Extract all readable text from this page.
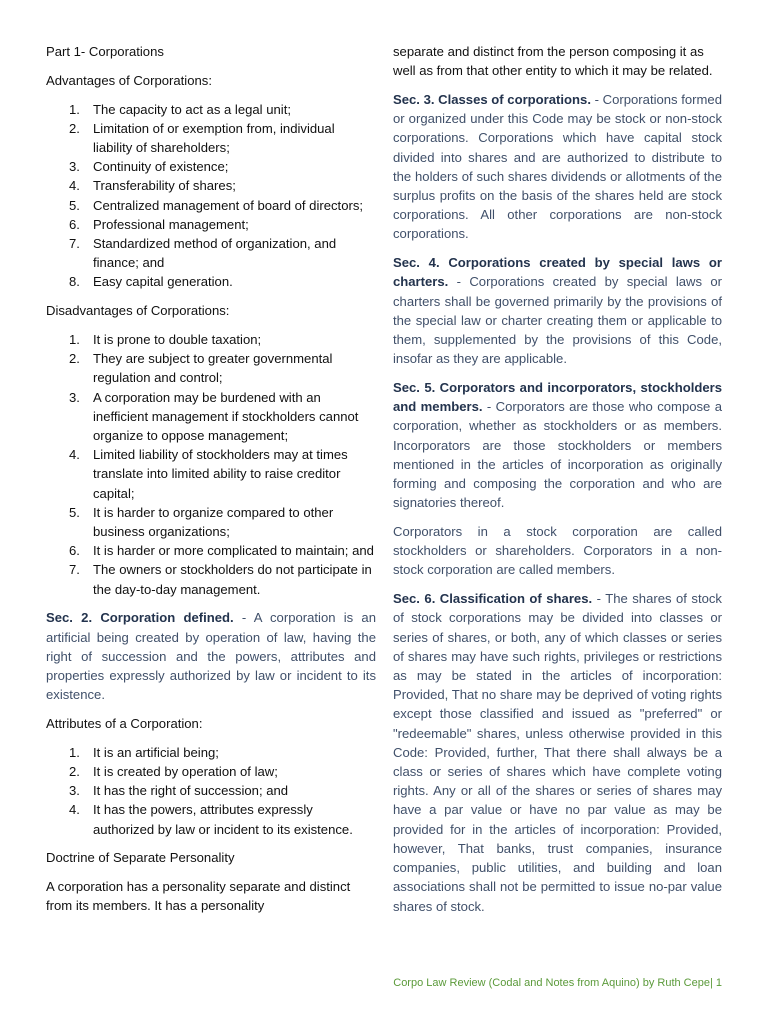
Part 1- Corporations

Advantages of Corporations:

1. The capacity to act as a legal unit;
2. Limitation of or exemption from, individual liability of shareholders;
3. Continuity of existence;
4. Transferability of shares;
5. Centralized management of board of directors;
6. Professional management;
7. Standardized method of organization, and finance; and
8. Easy capital generation.

Disadvantages of Corporations:

1. It is prone to double taxation;
2. They are subject to greater governmental regulation and control;
3. A corporation may be burdened with an inefficient management if stockholders cannot organize to oppose management;
4. Limited liability of stockholders may at times translate into limited ability to raise creditor capital;
5. It is harder to organize compared to other business organizations;
6. It is harder or more complicated to maintain; and
7. The owners or stockholders do not participate in the day-to-day management.

Sec. 2. Corporation defined. - A corporation is an artificial being created by operation of law, having the right of succession and the powers, attributes and properties expressly authorized by law or incident to its existence.

Attributes of a Corporation:

1. It is an artificial being;
2. It is created by operation of law;
3. It has the right of succession; and
4. It has the powers, attributes expressly authorized by law or incident to its existence.

Doctrine of Separate Personality

A corporation has a personality separate and distinct from its members. It has a personality

separate and distinct from the person composing it as well as from that other entity to which it may be related.

Sec. 3. Classes of corporations. - Corporations formed or organized under this Code may be stock or non-stock corporations. Corporations which have capital stock divided into shares and are authorized to distribute to the holders of such shares dividends or allotments of the surplus profits on the basis of the shares held are stock corporations. All other corporations are non-stock corporations.

Sec. 4. Corporations created by special laws or charters. - Corporations created by special laws or charters shall be governed primarily by the provisions of the special law or charter creating them or applicable to them, supplemented by the provisions of this Code, insofar as they are applicable.

Sec. 5. Corporators and incorporators, stockholders and members. - Corporators are those who compose a corporation, whether as stockholders or as members. Incorporators are those stockholders or members mentioned in the articles of incorporation as originally forming and composing the corporation and who are signatories thereof.

Corporators in a stock corporation are called stockholders or shareholders. Corporators in a non-stock corporation are called members.

Sec. 6. Classification of shares. - The shares of stock of stock corporations may be divided into classes or series of shares, or both, any of which classes or series of shares may have such rights, privileges or restrictions as may be stated in the articles of incorporation: Provided, That no share may be deprived of voting rights except those classified and issued as "preferred" or "redeemable" shares, unless otherwise provided in this Code: Provided, further, That there shall always be a class or series of shares which have complete voting rights. Any or all of the shares or series of shares may have a par value or have no par value as may be provided for in the articles of incorporation: Provided, however, That banks, trust companies, insurance companies, public utilities, and building and loan associations shall not be permitted to issue no-par value shares of stock.

Corpo Law Review (Codal and Notes from Aquino) by Ruth Cepe| 1
